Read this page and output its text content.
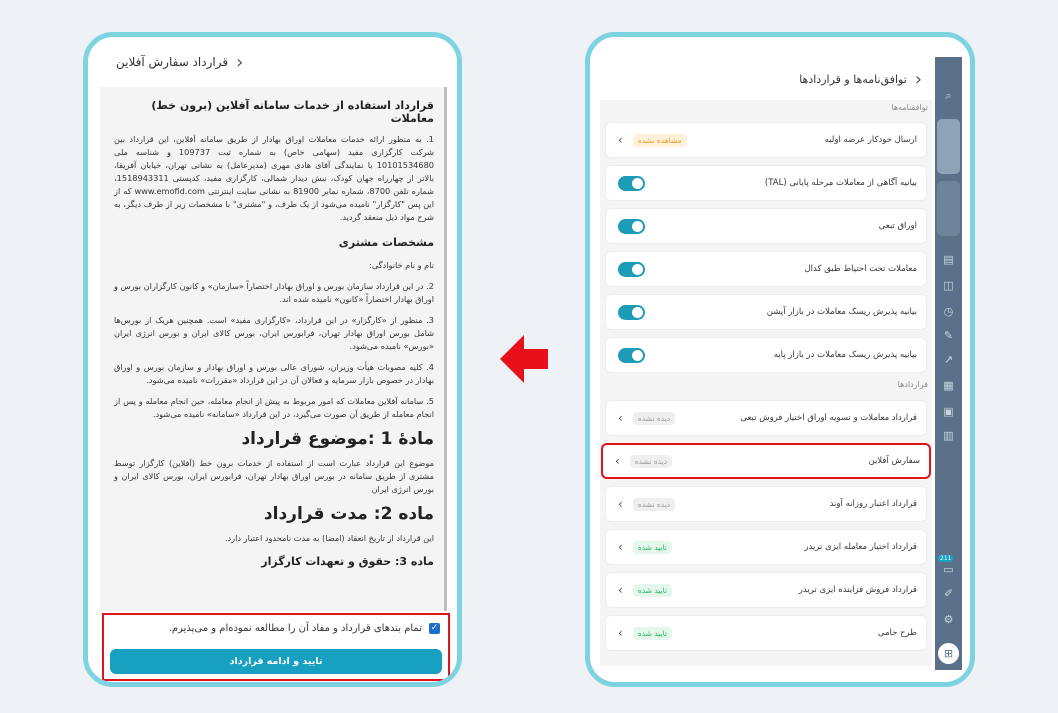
‹
قرارداد سفارش آفلاین
قرارداد استفاده از خدمات سامانه آفلاین (برون خط) معاملات
1. به منظور ارائه خدمات معاملات اوراق بهادار از طریق سامانه آفلاین، این قرارداد بین شرکت کارگزاری مفید (سهامی خاص) به شماره ثبت 109737 و شناسه ملی 10101534680 با نمایندگی آقای هادی مهری (مدیرعامل) به نشانی تهران، خیابان آفریقا، بالاتر از چهارراه جهان کودک، نبش دیدار شمالی، کارگزاری مفید، کدپستی 1518943311، شماره تلفن 8700، شماره نمابر 81900 به نشانی سایت اینترنتی www.emofid.com که از این پس "کارگزار" نامیده می‌شود از یک طرف، و "مشتری" با مشخصات زیر از طرف دیگر، به شرح مواد ذیل منعقد گردید.
مشخصات مشتری
نام و نام خانوادگی:
2. در این قرارداد سازمان بورس و اوراق بهادار اختصاراً «سازمان» و کانون کارگزاران بورس و اوراق بهادار اختصاراً «کانون» نامیده شده اند.
3. منظور از «کارگزار» در این قرارداد، «کارگزاری مفید» است. همچنین هریک از بورس‌ها شامل بورس اوراق بهادار تهران، فرابورس ایران، بورس کالای ایران و بورس انرژی ایران «بورس» نامیده می‌شود.
4. کلیه مصوبات هیأت وزیران، شورای عالی بورس و اوراق بهادار و سازمان بورس و اوراق بهادار در خصوص بازار سرمایه و فعالان آن در این قرارداد «مقررات» نامیده می‌شود.
5. سامانه آفلاین معاملات که امور مربوط به پیش از انجام معامله، حین انجام معامله و پس از انجام معامله از طریق آن صورت می‌گیرد، در این قرارداد «سامانه» نامیده می‌شود.
مادهٔ 1 :موضوع قرارداد
موضوع این قرارداد عبارت است از استفاده از خدمات برون خط (آفلاین) کارگزار توسط مشتری از طریق سامانه در بورس اوراق بهادار تهران، فرابورس ایران، بورس کالای ایران و بورس انرژی ایران
ماده 2: مدت قرارداد
این قرارداد از تاریخ انعقاد (امضا) به مدت نامحدود اعتبار دارد.
ماده 3: حقوق و تعهدات کارگزار
✓
تمام بندهای قرارداد و مفاد آن را مطالعه نموده‌ام و می‌پذیرم.
تایید و ادامه قرارداد
‹
توافق‌نامه‌ها و قراردادها
توافقنامه‌ها
ارسال خودکار عرضه اولیه
‹	مشاهده نشده
بیانیه آگاهی از معاملات مرحله پایانی (TAL)
اوراق تبعی
معاملات تحت احتیاط طبق کدال
بیانیه پذیرش ریسک معاملات در بازار آپشن
بیانیه پذیرش ریسک معاملات در بازار پایه
قراردادها
قرارداد معاملات و تسویه اوراق اختیار فروش تبعی
‹	دیده نشده
سفارش آفلاین
‹	دیده نشده
قرارداد اعتبار روزانه آوند
‹	دیده نشده
قرارداد اختیار معامله ایزی تریدر
‹	تایید شده
قرارداد فروش فزاینده ایزی تریدر
‹	تایید شده
طرح حامی
‹	تایید شده
⌕
▤
◫
◷
✎
↗
▦
▣
▥
211
▭
✐
⚙
⊞
